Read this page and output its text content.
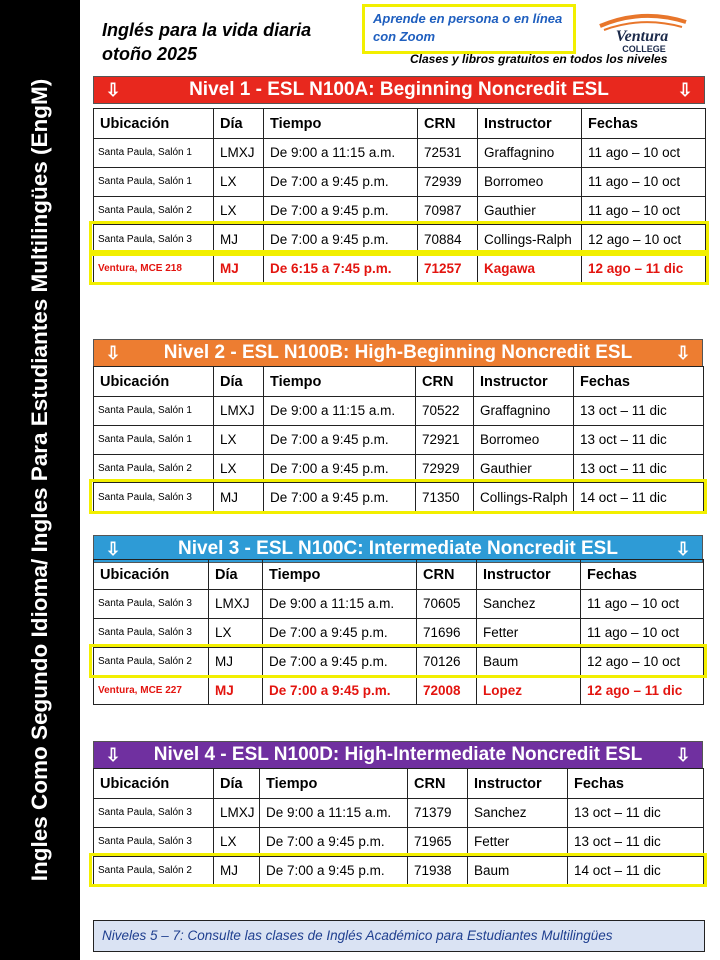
Ingles Como Segundo Idioma/ Ingles Para Estudiantes Multilingües (EngM)
Inglés para la vida diaria
otoño 2025
Aprende en persona o en línea con Zoom	Ventura
COLLEGE
Clases y libros gratuitos en todos los niveles
⇩	⇩
Nivel 1 - ESL N100A: Beginning Noncredit ESL
Ubicación	Día	Tiempo	CRN	Instructor	Fechas
Santa Paula, Salón 1	LMXJ	De 9:00 a 11:15 a.m.	72531	Graffagnino	11 ago – 10 oct
Santa Paula, Salón 1	LX	De 7:00 a 9:45 p.m.	72939	Borromeo	11 ago – 10 oct
Santa Paula, Salón 2	LX	De 7:00 a 9:45 p.m.	70987	Gauthier	11 ago – 10 oct
Santa Paula, Salón 3	MJ	De 7:00 a 9:45 p.m.	70884	Collings-Ralph	12 ago – 10 oct
Ventura, MCE 218	MJ	De 6:15 a 7:45 p.m.	71257	Kagawa	12 ago – 11 dic
⇩	⇩
Nivel 2 - ESL N100B: High-Beginning Noncredit ESL
Ubicación	Día	Tiempo	CRN	Instructor	Fechas
Santa Paula, Salón 1	LMXJ	De 9:00 a 11:15 a.m.	70522	Graffagnino	13 oct – 11 dic
Santa Paula, Salón 1	LX	De 7:00 a 9:45 p.m.	72921	Borromeo	13 oct – 11 dic
Santa Paula, Salón 2	LX	De 7:00 a 9:45 p.m.	72929	Gauthier	13 oct – 11 dic
Santa Paula, Salón 3	MJ	De 7:00 a 9:45 p.m.	71350	Collings-Ralph	14 oct – 11 dic
⇩	⇩
Nivel 3 - ESL N100C: Intermediate Noncredit ESL
Ubicación	Día	Tiempo	CRN	Instructor	Fechas
Santa Paula, Salón 3	LMXJ	De 9:00 a 11:15 a.m.	70605	Sanchez	11 ago – 10 oct
Santa Paula, Salón 3	LX	De 7:00 a 9:45 p.m.	71696	Fetter	11 ago – 10 oct
Santa Paula, Salón 2	MJ	De 7:00 a 9:45 p.m.	70126	Baum	12 ago – 10 oct
Ventura, MCE 227	MJ	De 7:00 a 9:45 p.m.	72008	Lopez	12 ago – 11 dic
⇩	⇩
Nivel 4 - ESL N100D: High-Intermediate Noncredit ESL
Ubicación	Día	Tiempo	CRN	Instructor	Fechas
Santa Paula, Salón 3	LMXJ	De 9:00 a 11:15 a.m.	71379	Sanchez	13 oct – 11 dic
Santa Paula, Salón 3	LX	De 7:00 a 9:45 p.m.	71965	Fetter	13 oct – 11 dic
Santa Paula, Salón 2	MJ	De 7:00 a 9:45 p.m.	71938	Baum	14 oct – 11 dic
Niveles 5 – 7: Consulte las clases de Inglés Académico para Estudiantes Multilingües
